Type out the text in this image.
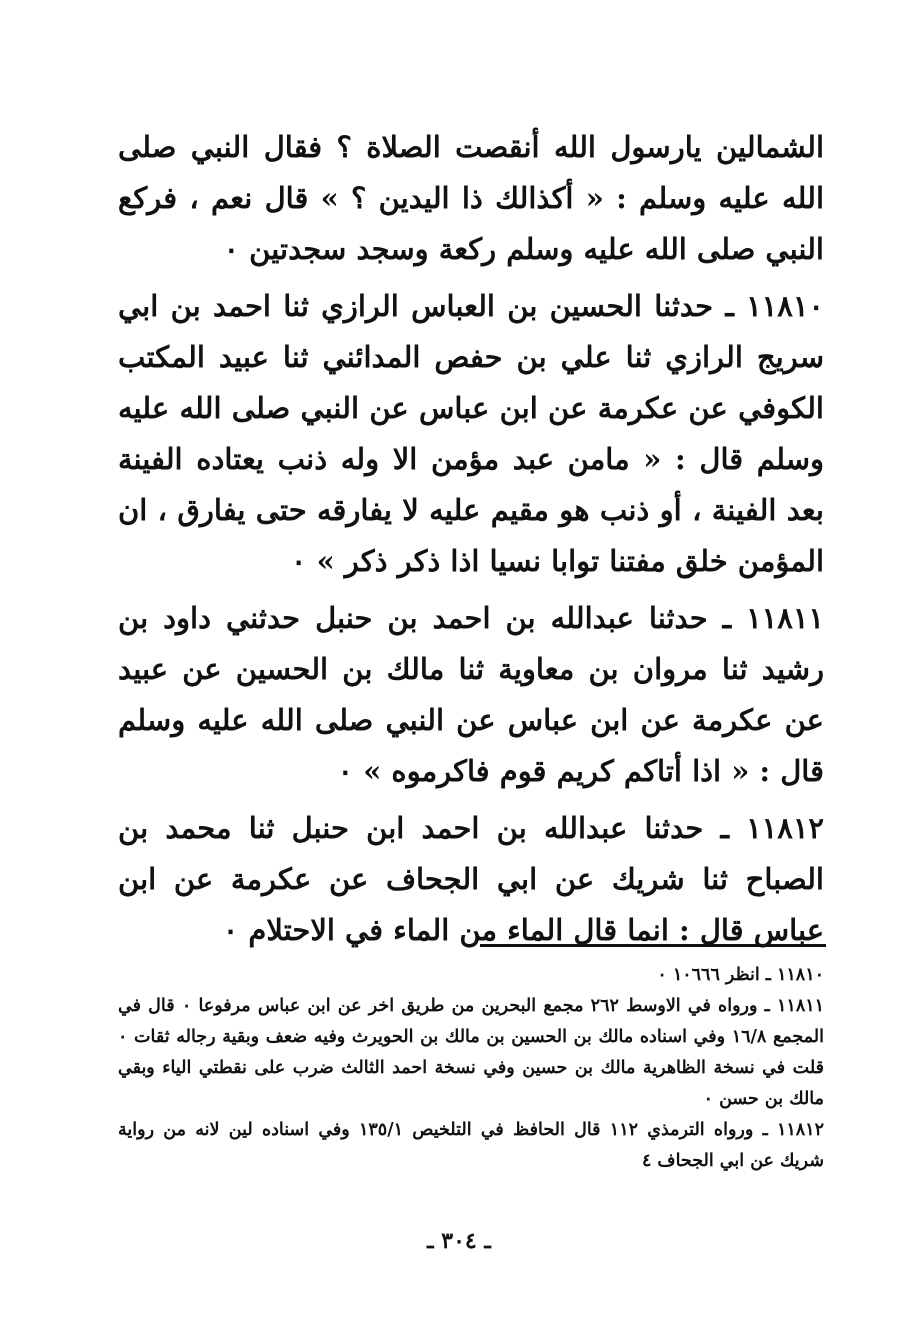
الشمالين يارسول الله أنقصت الصلاة ؟ فقال النبي صلى الله عليه وسلم : « أكذالك ذا اليدين ؟ » قال نعم ، فركع النبي صلى الله عليه وسلم ركعة وسجد سجدتين ٠

١١٨١٠ ـ حدثنا الحسين بن العباس الرازي ثنا احمد بن ابي سريج الرازي ثنا علي بن حفص المدائني ثنا عبيد المكتب الكوفي عن عكرمة عن ابن عباس عن النبي صلى الله عليه وسلم قال : « مامن عبد مؤمن الا وله ذنب يعتاده الفينة بعد الفينة ، أو ذنب هو مقيم عليه لا يفارقه حتى يفارق ، ان المؤمن خلق مفتنا توابا نسيا اذا ذكر ذكر » ٠

١١٨١١ ـ حدثنا عبدالله بن احمد بن حنبل حدثني داود بن رشيد ثنا مروان بن معاوية ثنا مالك بن الحسين عن عبيد عن عكرمة عن ابن عباس عن النبي صلى الله عليه وسلم قال : « اذا أتاكم كريم قوم فاكرموه » ٠

١١٨١٢ ـ حدثنا عبدالله بن احمد ابن حنبل ثنا محمد بن الصباح ثنا شريك عن ابي الجحاف عن عكرمة عن ابن عباس قال : انما قال الماء من الماء في الاحتلام ٠

١١٨١٠ ـ انظر ١٠٦٦٦ ٠

١١٨١١ ـ ورواه في الاوسط ٢٦٢ مجمع البحرين من طريق اخر عن ابن عباس مرفوعا ٠ قال في المجمع ١٦/٨ وفي اسناده مالك بن الحسين بن مالك بن الحويرث وفيه ضعف وبقية رجاله ثقات ٠ قلت في نسخة الظاهرية مالك بن حسين وفي نسخة احمد الثالث ضرب على نقطتي الياء وبقي مالك بن حسن ٠

١١٨١٢ ـ ورواه الترمذي ١١٢ قال الحافظ في التلخيص ١٣٥/١ وفي اسناده لين لانه من رواية شريك عن ابي الجحاف ٤

ـ ٣٠٤ ـ
